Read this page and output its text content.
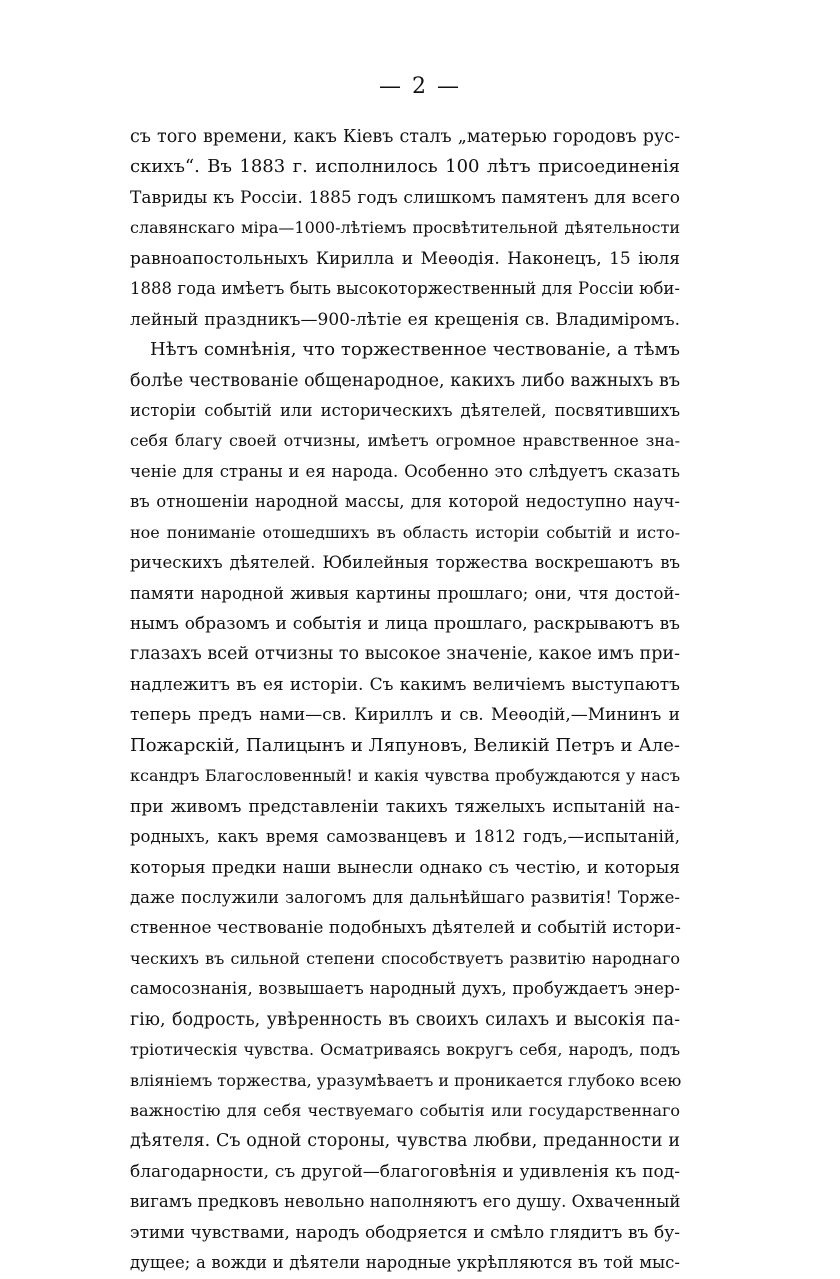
— 2 —
съ того времени, какъ Кіевъ сталъ „матерью городовъ рус-
скихъ“. Въ 1883 г. исполнилось 100 лѣтъ присоединенія
Тавриды къ Россіи. 1885 годъ слишкомъ памятенъ для всего
славянскаго міра—1000-лѣтіемъ просвѣтительной дѣятельности
равноапостольныхъ Кирилла и Меѳодія. Наконецъ, 15 іюля
1888 года имѣетъ быть высокоторжественный для Россіи юби-
лейный праздникъ—900-лѣтіе ея крещенія св. Владиміромъ.
Нѣтъ сомнѣнія, что торжественное чествованіе, а тѣмъ
болѣе чествованіе общенародное, какихъ либо важныхъ въ
исторіи событій или историческихъ дѣятелей, посвятившихъ
себя благу своей отчизны, имѣетъ огромное нравственное зна-
ченіе для страны и ея народа. Особенно это слѣдуетъ сказать
въ отношеніи народной массы, для которой недоступно науч-
ное пониманіе отошедшихъ въ область исторіи событій и исто-
рическихъ дѣятелей. Юбилейныя торжества воскрешаютъ въ
памяти народной живыя картины прошлаго; они, чтя достой-
нымъ образомъ и событія и лица прошлаго, раскрываютъ въ
глазахъ всей отчизны то высокое значеніе, какое имъ при-
надлежитъ въ ея исторіи. Съ какимъ величіемъ выступаютъ
теперь предъ нами—св. Кириллъ и св. Меѳодій,—Мининъ и
Пожарскій, Палицынъ и Ляпуновъ, Великій Петръ и Але-
ксандръ Благословенный! и какія чувства пробуждаются у насъ
при живомъ представленіи такихъ тяжелыхъ испытаній на-
родныхъ, какъ время самозванцевъ и 1812 годъ,—испытаній,
которыя предки наши вынесли однако съ честію, и которыя
даже послужили залогомъ для дальнѣйшаго развитія! Торже-
ственное чествованіе подобныхъ дѣятелей и событій истори-
ческихъ въ сильной степени способствуетъ развитію народнаго
самосознанія, возвышаетъ народный духъ, пробуждаетъ энер-
гію, бодрость, увѣренность въ своихъ силахъ и высокія па-
тріотическія чувства. Осматриваясь вокругъ себя, народъ, подъ
вліяніемъ торжества, уразумѣваетъ и проникается глубоко всею
важностію для себя чествуемаго событія или государственнаго
дѣятеля. Съ одной стороны, чувства любви, преданности и
благодарности, съ другой—благоговѣнія и удивленія къ под-
вигамъ предковъ невольно наполняютъ его душу. Охваченный
этими чувствами, народъ ободряется и смѣло глядитъ въ бу-
дущее; а вожди и дѣятели народные укрѣпляются въ той мыс-
